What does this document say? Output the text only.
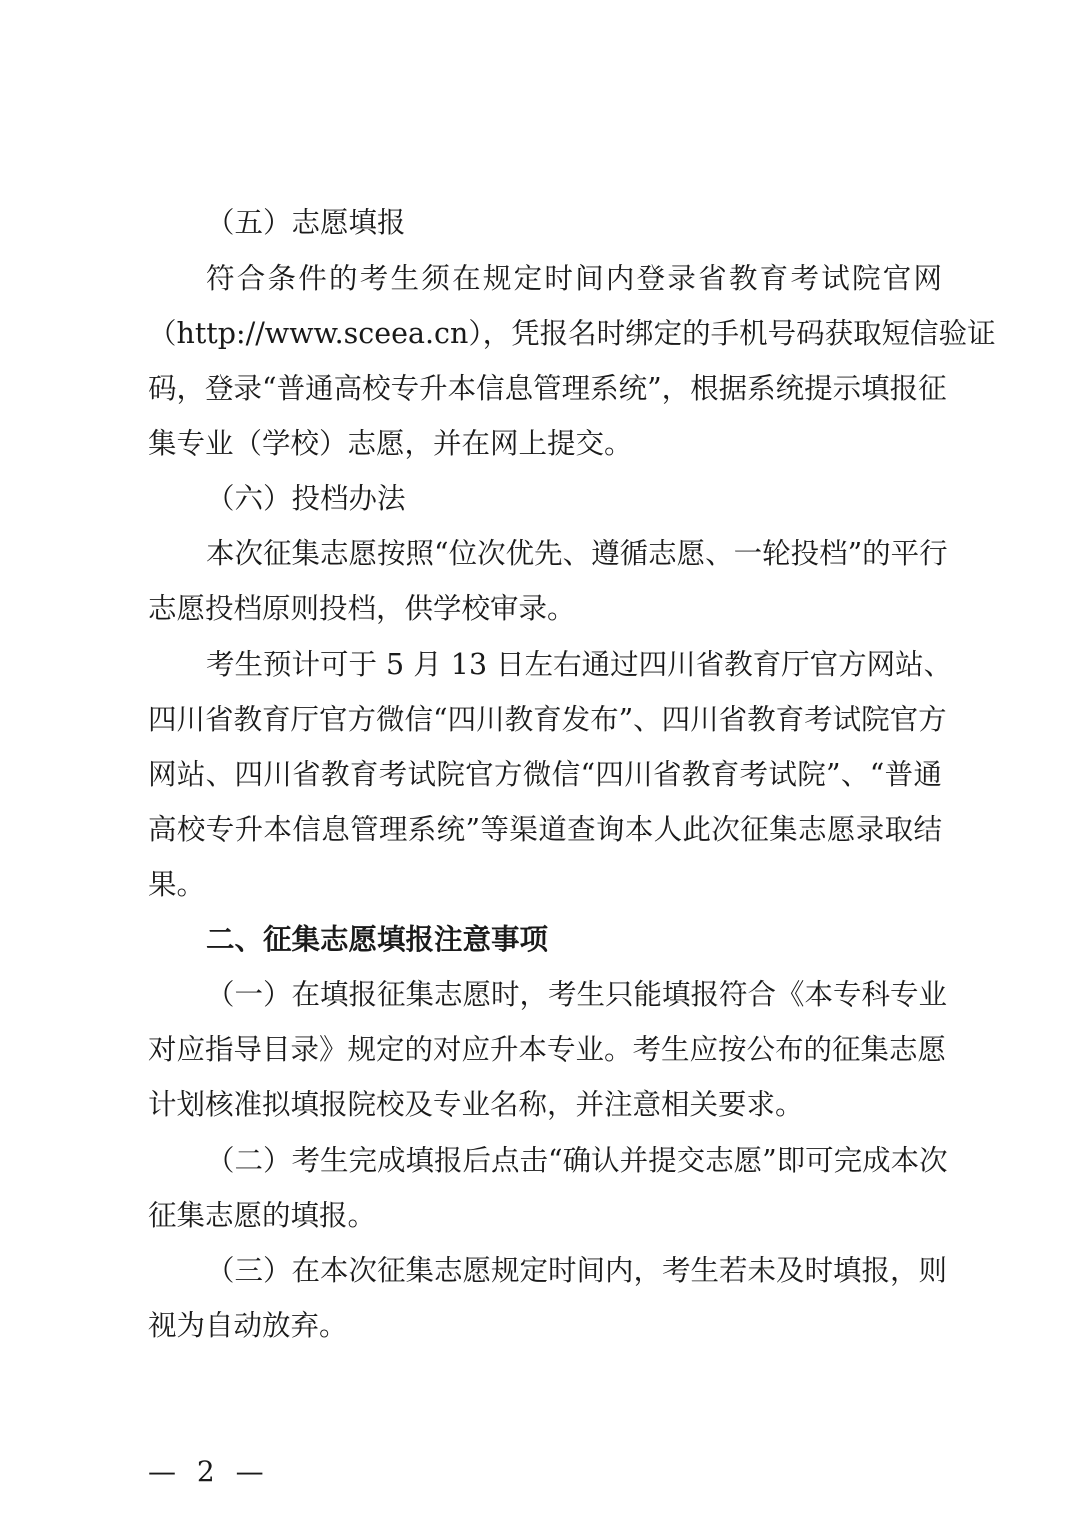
（五）志愿填报
符合条件的考生须在规定时间内登录省教育考试院官网
（http://www.sceea.cn），凭报名时绑定的手机号码获取短信验证
码，登录“普通高校专升本信息管理系统”，根据系统提示填报征
集专业（学校）志愿，并在网上提交。
（六）投档办法
本次征集志愿按照“位次优先、遵循志愿、一轮投档”的平行
志愿投档原则投档，供学校审录。
考生预计可于 5 月 13 日左右通过四川省教育厅官方网站、
四川省教育厅官方微信“四川教育发布”、四川省教育考试院官方
网站、四川省教育考试院官方微信“四川省教育考试院”、“普通
高校专升本信息管理系统”等渠道查询本人此次征集志愿录取结
果。
二、征集志愿填报注意事项
（一）在填报征集志愿时，考生只能填报符合《本专科专业
对应指导目录》规定的对应升本专业。考生应按公布的征集志愿
计划核准拟填报院校及专业名称，并注意相关要求。
（二）考生完成填报后点击“确认并提交志愿”即可完成本次
征集志愿的填报。
（三）在本次征集志愿规定时间内，考生若未及时填报，则
视为自动放弃。
— 2 —
